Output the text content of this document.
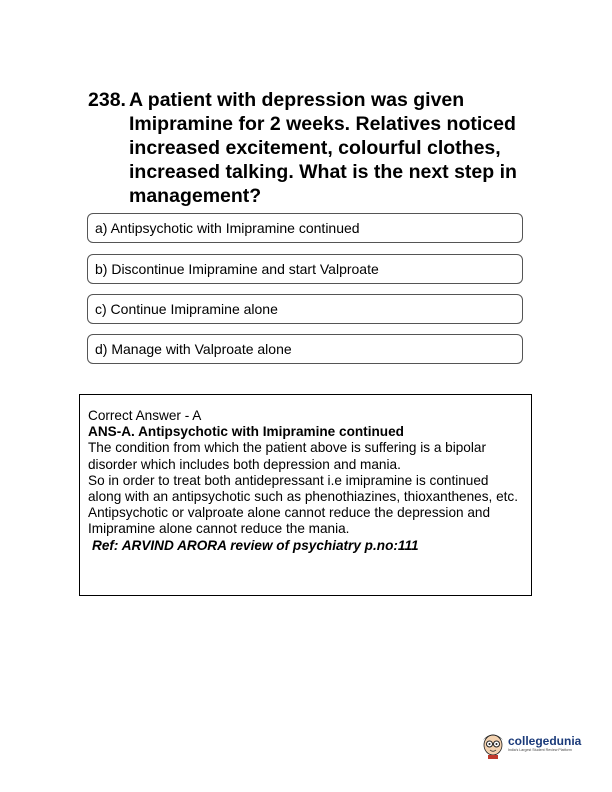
238. A patient with depression was given Imipramine for 2 weeks. Relatives noticed increased excitement, colourful clothes, increased talking. What is the next step in management?
a) Antipsychotic with Imipramine continued
b) Discontinue Imipramine and start Valproate
c) Continue Imipramine alone
d) Manage with Valproate alone
Correct Answer - A
ANS-A. Antipsychotic with Imipramine continued
The condition from which the patient above is suffering is a bipolar disorder which includes both depression and mania.
So in order to treat both antidepressant i.e imipramine is continued along with an antipsychotic such as phenothiazines, thioxanthenes, etc.
Antipsychotic or valproate alone cannot reduce the depression and Imipramine alone cannot reduce the mania.
Ref: ARVIND ARORA review of psychiatry p.no:111
collegedunia
India's Largest Student Review Platform
